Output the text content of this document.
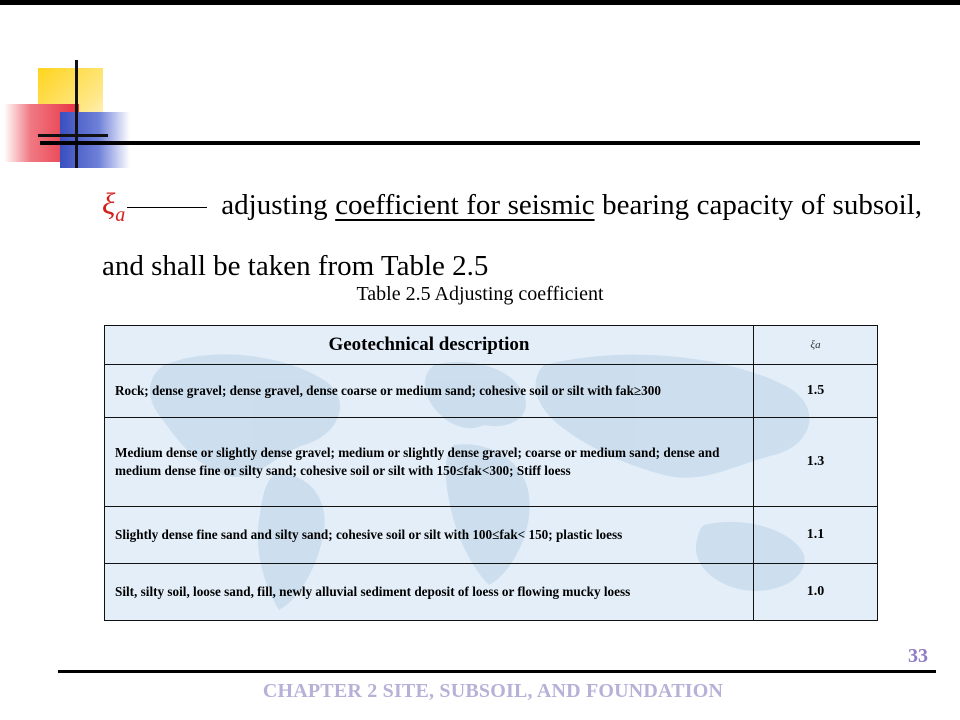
$\xi_a$	adjusting coefficient for seismic bearing capacity of subsoil, and shall be taken from Table 2.5
Table 2.5 Adjusting coefficient
Geotechnical description	ξa
Rock; dense gravel; dense gravel, dense coarse or medium sand; cohesive soil or silt with fak≥300	1.5
Medium dense or slightly dense gravel; medium or slightly dense gravel; coarse or medium sand; dense and medium dense fine or silty sand; cohesive soil or silt with 150≤fak<300; Stiff loess	1.3
Slightly dense fine sand and silty sand; cohesive soil or silt with 100≤fak< 150; plastic loess	1.1
Silt, silty soil, loose sand, fill, newly alluvial sediment deposit of loess or flowing mucky loess	1.0
33
CHAPTER 2 SITE, SUBSOIL, AND FOUNDATION
